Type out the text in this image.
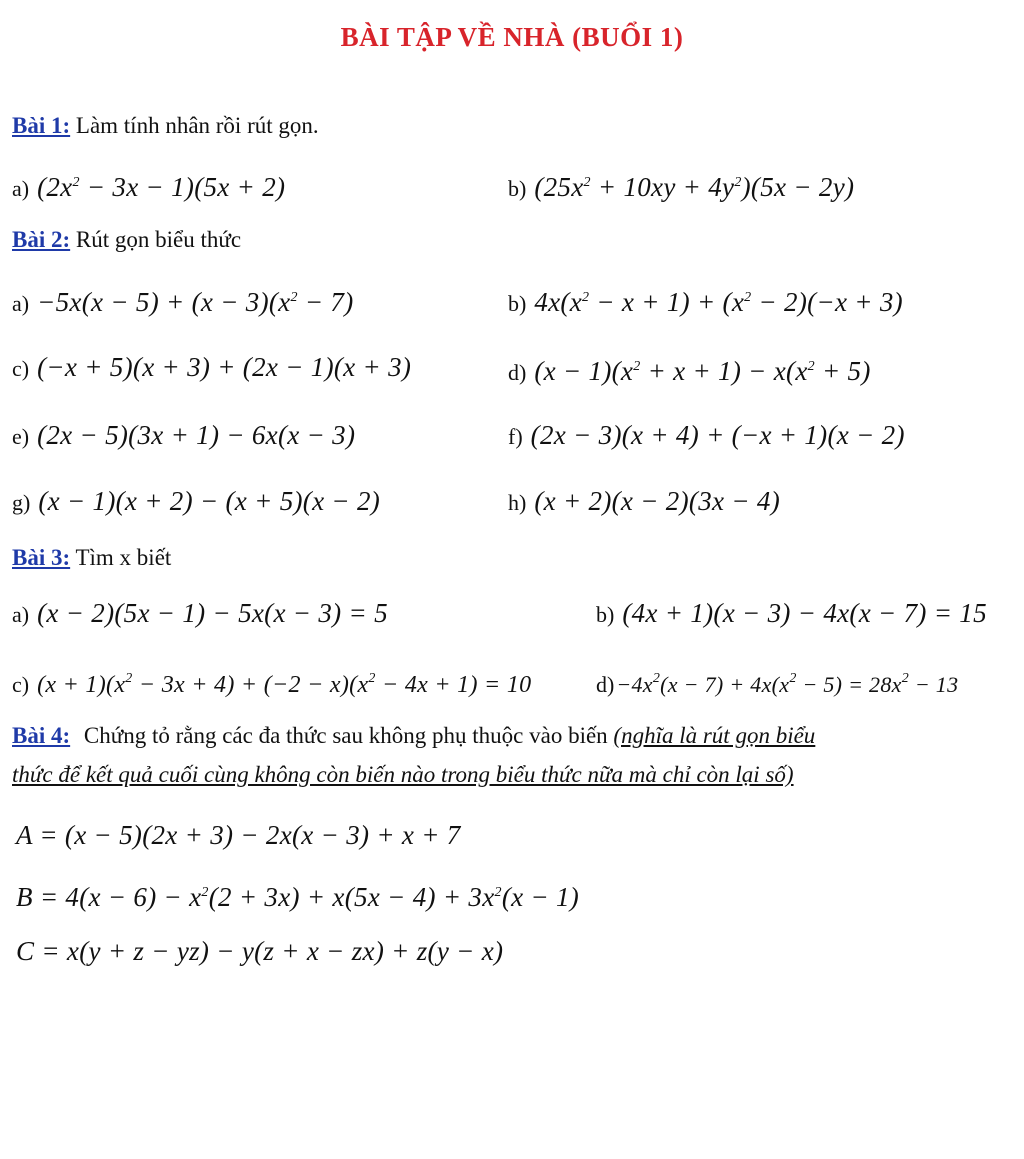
BÀI TẬP VỀ NHÀ (BUỔI 1)
Bài 1: Làm tính nhân rồi rút gọn.
a) $(2x^2 - 3x - 1)(5x + 2)$	b) $(25x^2 + 10xy + 4y^2)(5x - 2y)$
Bài 2: Rút gọn biểu thức
$a) -5x(x - 5) + (x - 3)(x^2 - 7)$	b) $4x(x^2 - x + 1) + (x^2 - 2)(-x + 3)$
c) (−x + 5)(x + 3) + (2x − 1)(x + 3)	d) $(x - 1)(x^2 + x + 1) - x(x^2 + 5)$
e) (2x − 5)(3x + 1) − 6x(x − 3)	f) (2x − 3)(x + 4) + (−x + 1)(x − 2)
g) (x − 1)(x + 2) − (x + 5)(x − 2)	h) (x + 2)(x − 2)(3x − 4)
Bài 3: Tìm x biết
a) (x − 2)(5x − 1) − 5x(x − 3) = 5	b) (4x + 1)(x − 3) − 4x(x − 7) = 15
c) $(x + 1)(x^2 - 3x + 4) + (-2 - x)(x^2 - 4x + 1) = 10$	$d)-4x^2(x - 7) + 4x(x^2 - 5) = 28x^2 - 13$
Bài 4: Chứng tỏ rằng các đa thức sau không phụ thuộc vào biến (nghĩa là rút gọn biểu
thức để kết quả cuối cùng không còn biến nào trong biểu thức nữa mà chỉ còn lại số)
A = (x − 5)(2x + 3) − 2x(x − 3) + x + 7
$B = 4(x - 6) - x^2(2 + 3x) + x(5x - 4) + 3x^2(x - 1)$
C = x(y + z − yz) − y(z + x − zx) + z(y − x)
